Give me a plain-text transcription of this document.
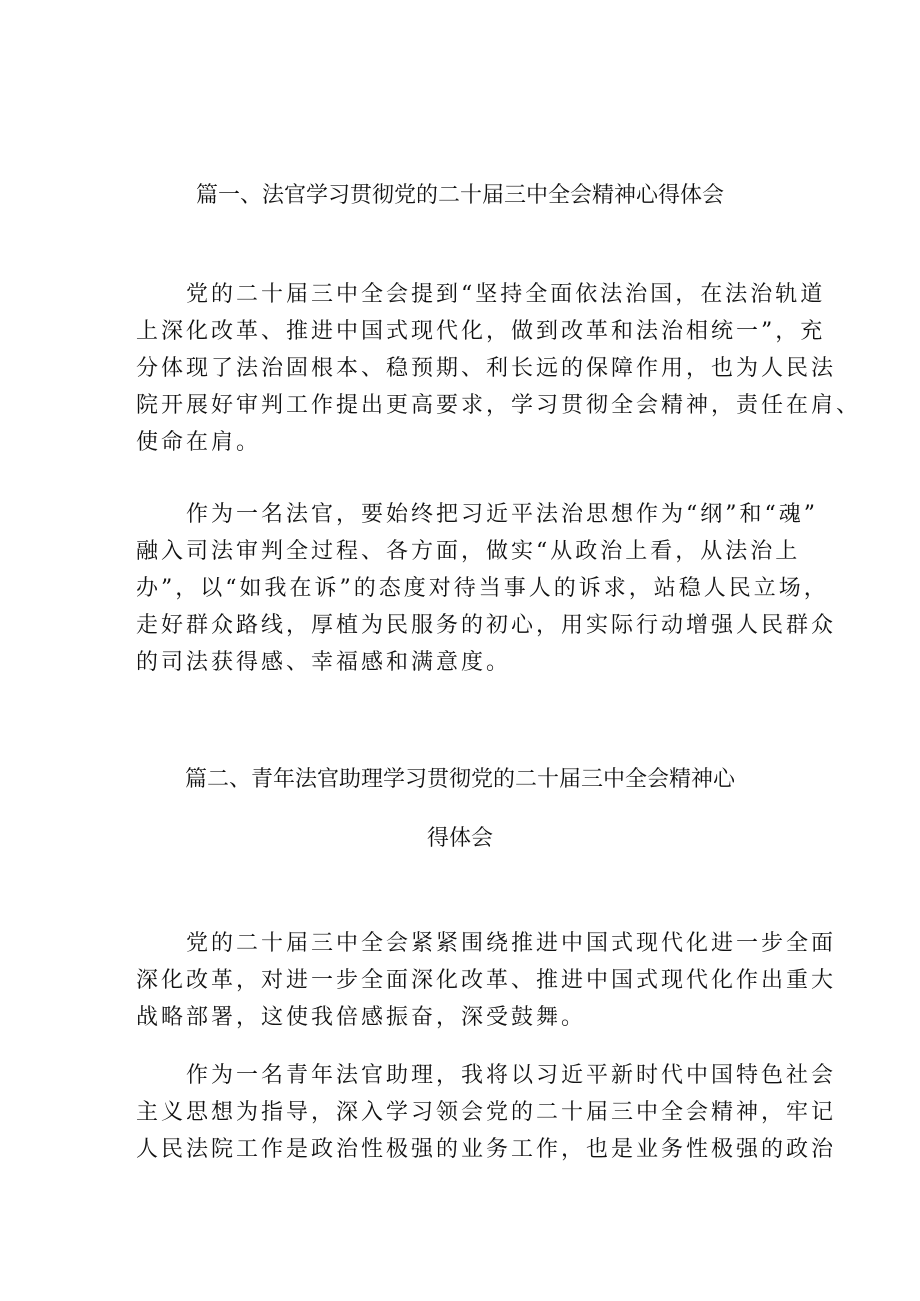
篇一、法官学习贯彻党的二十届三中全会精神心得体会
党的二十届三中全会提到“坚持全面依法治国，在法治轨道
上深化改革、推进中国式现代化，做到改革和法治相统一”，充
分体现了法治固根本、稳预期、利长远的保障作用，也为人民法
院开展好审判工作提出更高要求，学习贯彻全会精神，责任在肩、
使命在肩。
作为一名法官，要始终把习近平法治思想作为“纲”和“魂”
融入司法审判全过程、各方面，做实“从政治上看，从法治上
办”，以“如我在诉”的态度对待当事人的诉求，站稳人民立场，
走好群众路线，厚植为民服务的初心，用实际行动增强人民群众
的司法获得感、幸福感和满意度。
篇二、青年法官助理学习贯彻党的二十届三中全会精神心
得体会
党的二十届三中全会紧紧围绕推进中国式现代化进一步全面
深化改革，对进一步全面深化改革、推进中国式现代化作出重大
战略部署，这使我倍感振奋，深受鼓舞。
作为一名青年法官助理，我将以习近平新时代中国特色社会
主义思想为指导，深入学习领会党的二十届三中全会精神，牢记
人民法院工作是政治性极强的业务工作，也是业务性极强的政治
